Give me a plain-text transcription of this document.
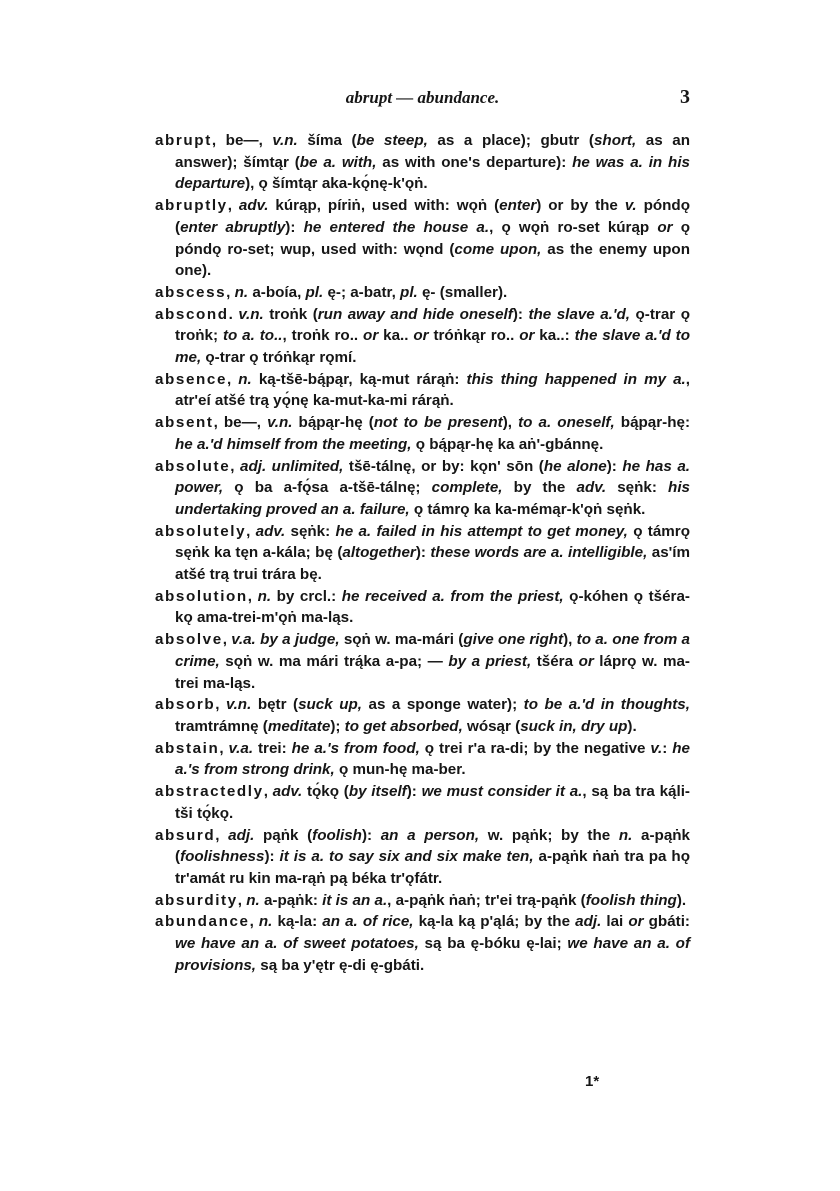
abrupt — abundance.	3

abrupt, be—, v.n. šíma (be steep, as a place); gbutr (short, as an answer); šímtąr (be a. with, as with one's departure): he was a. in his departure), ǫ šímtąr aka-kǫ́nę-k'ǫṅ.

abruptly, adv. kúrąp, píriṅ, used with: wǫṅ (enter) or by the v. póndǫ (enter abruptly): he entered the house a., ǫ wǫṅ ro-set kúrąp or ǫ póndǫ ro-set; wup, used with: wǫnd (come upon, as the enemy upon one).

abscess, n. a-boía, pl. ę-; a-batr, pl. ę- (smaller).

abscond. v.n. troṅk (run away and hide oneself): the slave a.'d, ǫ-trar ǫ troṅk; to a. to.., troṅk ro.. or ka.. or tróṅkąr ro.. or ka..: the slave a.'d to me, ǫ-trar ǫ tróṅkąr rǫmí.

absence, n. ką-tšē-bą́pąr, ką-mut rárąṅ: this thing happened in my a., atr'eí atšé trą yǫ́nę ka-mut-ka-mi rárąṅ.

absent, be—, v.n. bą́pąr-hę (not to be present), to a. oneself, bą́pąr-hę: he a.'d himself from the meeting, ǫ bą́pąr-hę ka aṅ'-gbánnę.

absolute, adj. unlimited, tšē-tálnę, or by: kǫn' sōn (he alone): he has a. power, ǫ ba a-fǫ́sa a-tšē-tálnę; complete, by the adv. sęṅk: his undertaking proved an a. failure, ǫ támrǫ ka ka-mémąr-k'ǫṅ sęṅk.

absolutely, adv. sęṅk: he a. failed in his attempt to get money, ǫ támrǫ sęṅk ka tęn a-kála; bę (altogether): these words are a. intelligible, as'ím atšé trą trui trára bę.

absolution, n. by crcl.: he received a. from the priest, ǫ-kóhen ǫ tšéra-kǫ ama-trei-m'ǫṅ ma-ląs.

absolve, v.a. by a judge, sǫṅ w. ma-mári (give one right), to a. one from a crime, sǫṅ w. ma mári trą́ka a-pa; — by a priest, tšéra or láprǫ w. ma-trei ma-ląs.

absorb, v.n. bętr (suck up, as a sponge water); to be a.'d in thoughts, tramtrámnę (meditate); to get absorbed, wósąr (suck in, dry up).

abstain, v.a. trei: he a.'s from food, ǫ trei r'a ra-di; by the negative v.: he a.'s from strong drink, ǫ mun-hę ma-ber.

abstractedly, adv. tǫ́kǫ (by itself): we must consider it a., są ba tra ką́li-tši tǫ́kǫ.

absurd, adj. pąṅk (foolish): an a person, w. pąṅk; by the n. a-pąṅk (foolishness): it is a. to say six and six make ten, a-pąṅk ṅaṅ tra pa hǫ tr'amát ru kin ma-rąṅ pą béka tr'ǫfátr.

absurdity, n. a-pąṅk: it is an a., a-pąṅk ṅaṅ; tr'ei trą-pąṅk (foolish thing).

abundance, n. ką-la: an a. of rice, ką-la ką p'ąlá; by the adj. lai or gbáti: we have an a. of sweet potatoes, są ba ę-bóku ę-lai; we have an a. of provisions, są ba y'ętr ę-di ę-gbáti.

1*
